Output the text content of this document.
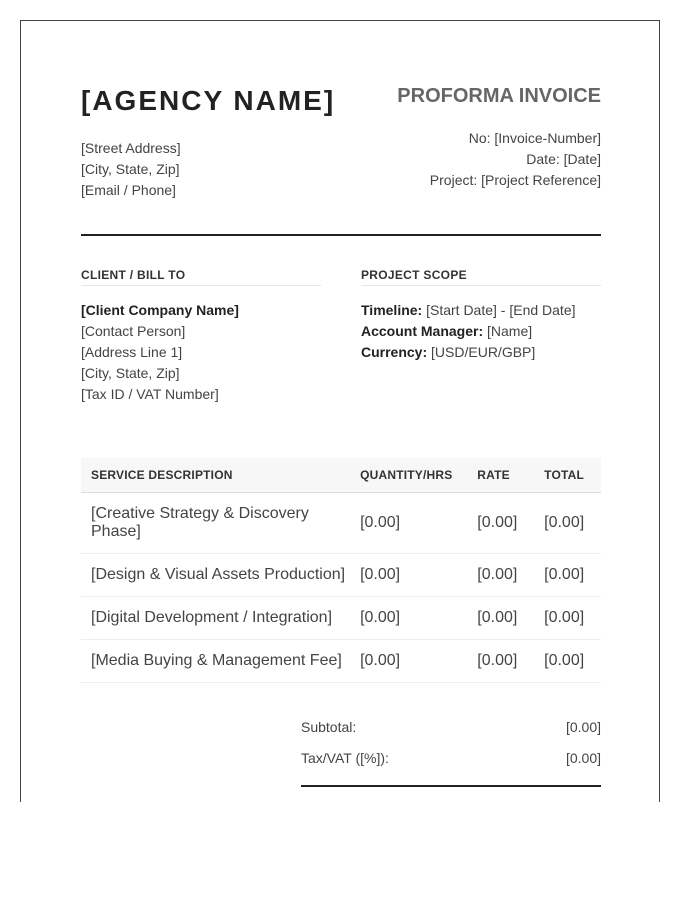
[AGENCY NAME]
[Street Address]
[City, State, Zip]
[Email / Phone]
PROFORMA INVOICE
No: [Invoice-Number]
Date: [Date]
Project: [Project Reference]
CLIENT / BILL TO	PROJECT SCOPE
[Client Company Name]
[Contact Person]
[Address Line 1]
[City, State, Zip]
[Tax ID / VAT Number]
Timeline: [Start Date] - [End Date]
Account Manager: [Name]
Currency: [USD/EUR/GBP]
SERVICE DESCRIPTION	QUANTITY/HRS	RATE	TOTAL
[Creative Strategy & Discovery Phase]	[0.00]	[0.00]	[0.00]
[Design & Visual Assets Production]	[0.00]	[0.00]	[0.00]
[Digital Development / Integration]	[0.00]	[0.00]	[0.00]
[Media Buying & Management Fee]	[0.00]	[0.00]	[0.00]
Subtotal:	[0.00]
Tax/VAT ([%]):	[0.00]
